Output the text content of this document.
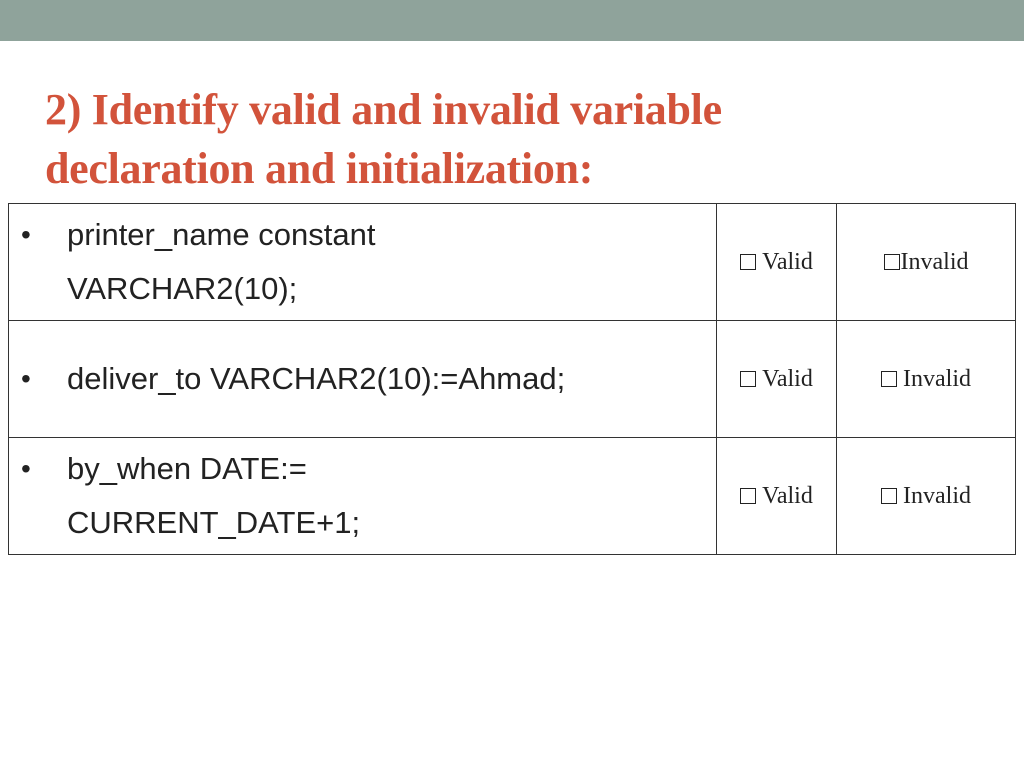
2) Identify valid and invalid variable
declaration and initialization:
• printer_name constant
VARCHAR2(10);	Valid	Invalid

• deliver_to VARCHAR2(10):=Ahmad;	Valid	Invalid

• by_when DATE:=
CURRENT_DATE+1;	Valid	Invalid
